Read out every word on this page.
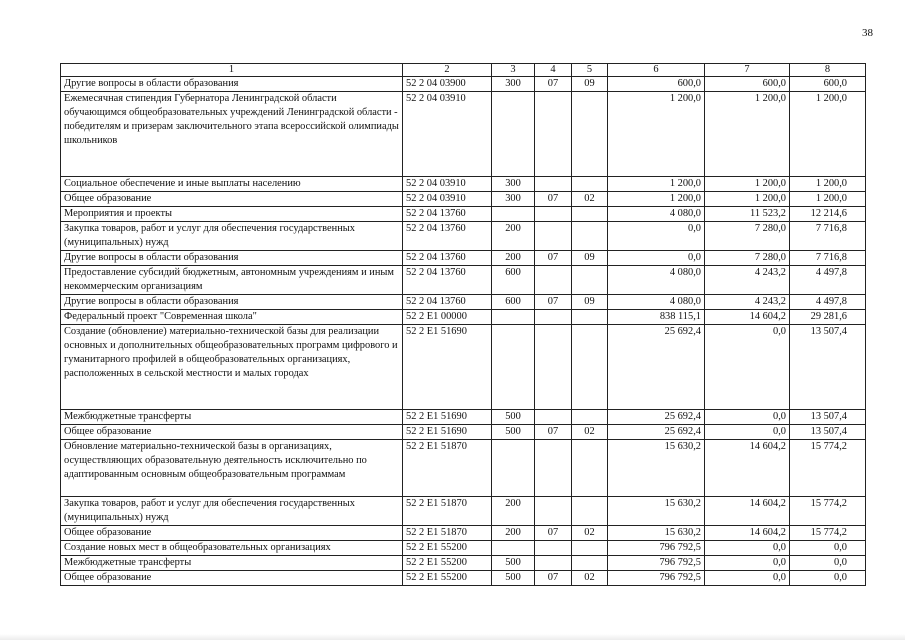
38
1	2	3	4	5	6	7	8
Другие вопросы в области образования	52 2 04 03900	300	07	09	600,0	600,0	600,0
Ежемесячная стипендия Губернатора Ленинградской области обучающимся общеобразовательных учреждений Ленинградской области - победителям и призерам заключительного этапа всероссийской олимпиады школьников	52 2 04 03910				1 200,0	1 200,0	1 200,0
Социальное обеспечение и иные выплаты населению	52 2 04 03910	300			1 200,0	1 200,0	1 200,0
Общее образование	52 2 04 03910	300	07	02	1 200,0	1 200,0	1 200,0
Мероприятия и проекты	52 2 04 13760				4 080,0	11 523,2	12 214,6
Закупка товаров, работ и услуг для обеспечения государственных (муниципальных) нужд	52 2 04 13760	200			0,0	7 280,0	7 716,8
Другие вопросы в области образования	52 2 04 13760	200	07	09	0,0	7 280,0	7 716,8
Предоставление субсидий бюджетным, автономным учреждениям и иным некоммерческим организациям	52 2 04 13760	600			4 080,0	4 243,2	4 497,8
Другие вопросы в области образования	52 2 04 13760	600	07	09	4 080,0	4 243,2	4 497,8
Федеральный проект "Современная школа"	52 2 E1 00000				838 115,1	14 604,2	29 281,6
Создание (обновление) материально-технической базы для реализации основных и дополнительных общеобразовательных программ цифрового и гуманитарного профилей в общеобразовательных организациях, расположенных в сельской местности и малых городах	52 2 E1 51690				25 692,4	0,0	13 507,4
Межбюджетные трансферты	52 2 E1 51690	500			25 692,4	0,0	13 507,4
Общее образование	52 2 E1 51690	500	07	02	25 692,4	0,0	13 507,4
Обновление материально-технической базы в организациях, осуществляющих образовательную деятельность исключительно по адаптированным основным общеобразовательным программам	52 2 E1 51870				15 630,2	14 604,2	15 774,2
Закупка товаров, работ и услуг для обеспечения государственных (муниципальных) нужд	52 2 E1 51870	200			15 630,2	14 604,2	15 774,2
Общее образование	52 2 E1 51870	200	07	02	15 630,2	14 604,2	15 774,2
Создание новых мест в общеобразовательных организациях	52 2 E1 55200				796 792,5	0,0	0,0
Межбюджетные трансферты	52 2 E1 55200	500			796 792,5	0,0	0,0
Общее образование	52 2 E1 55200	500	07	02	796 792,5	0,0	0,0
